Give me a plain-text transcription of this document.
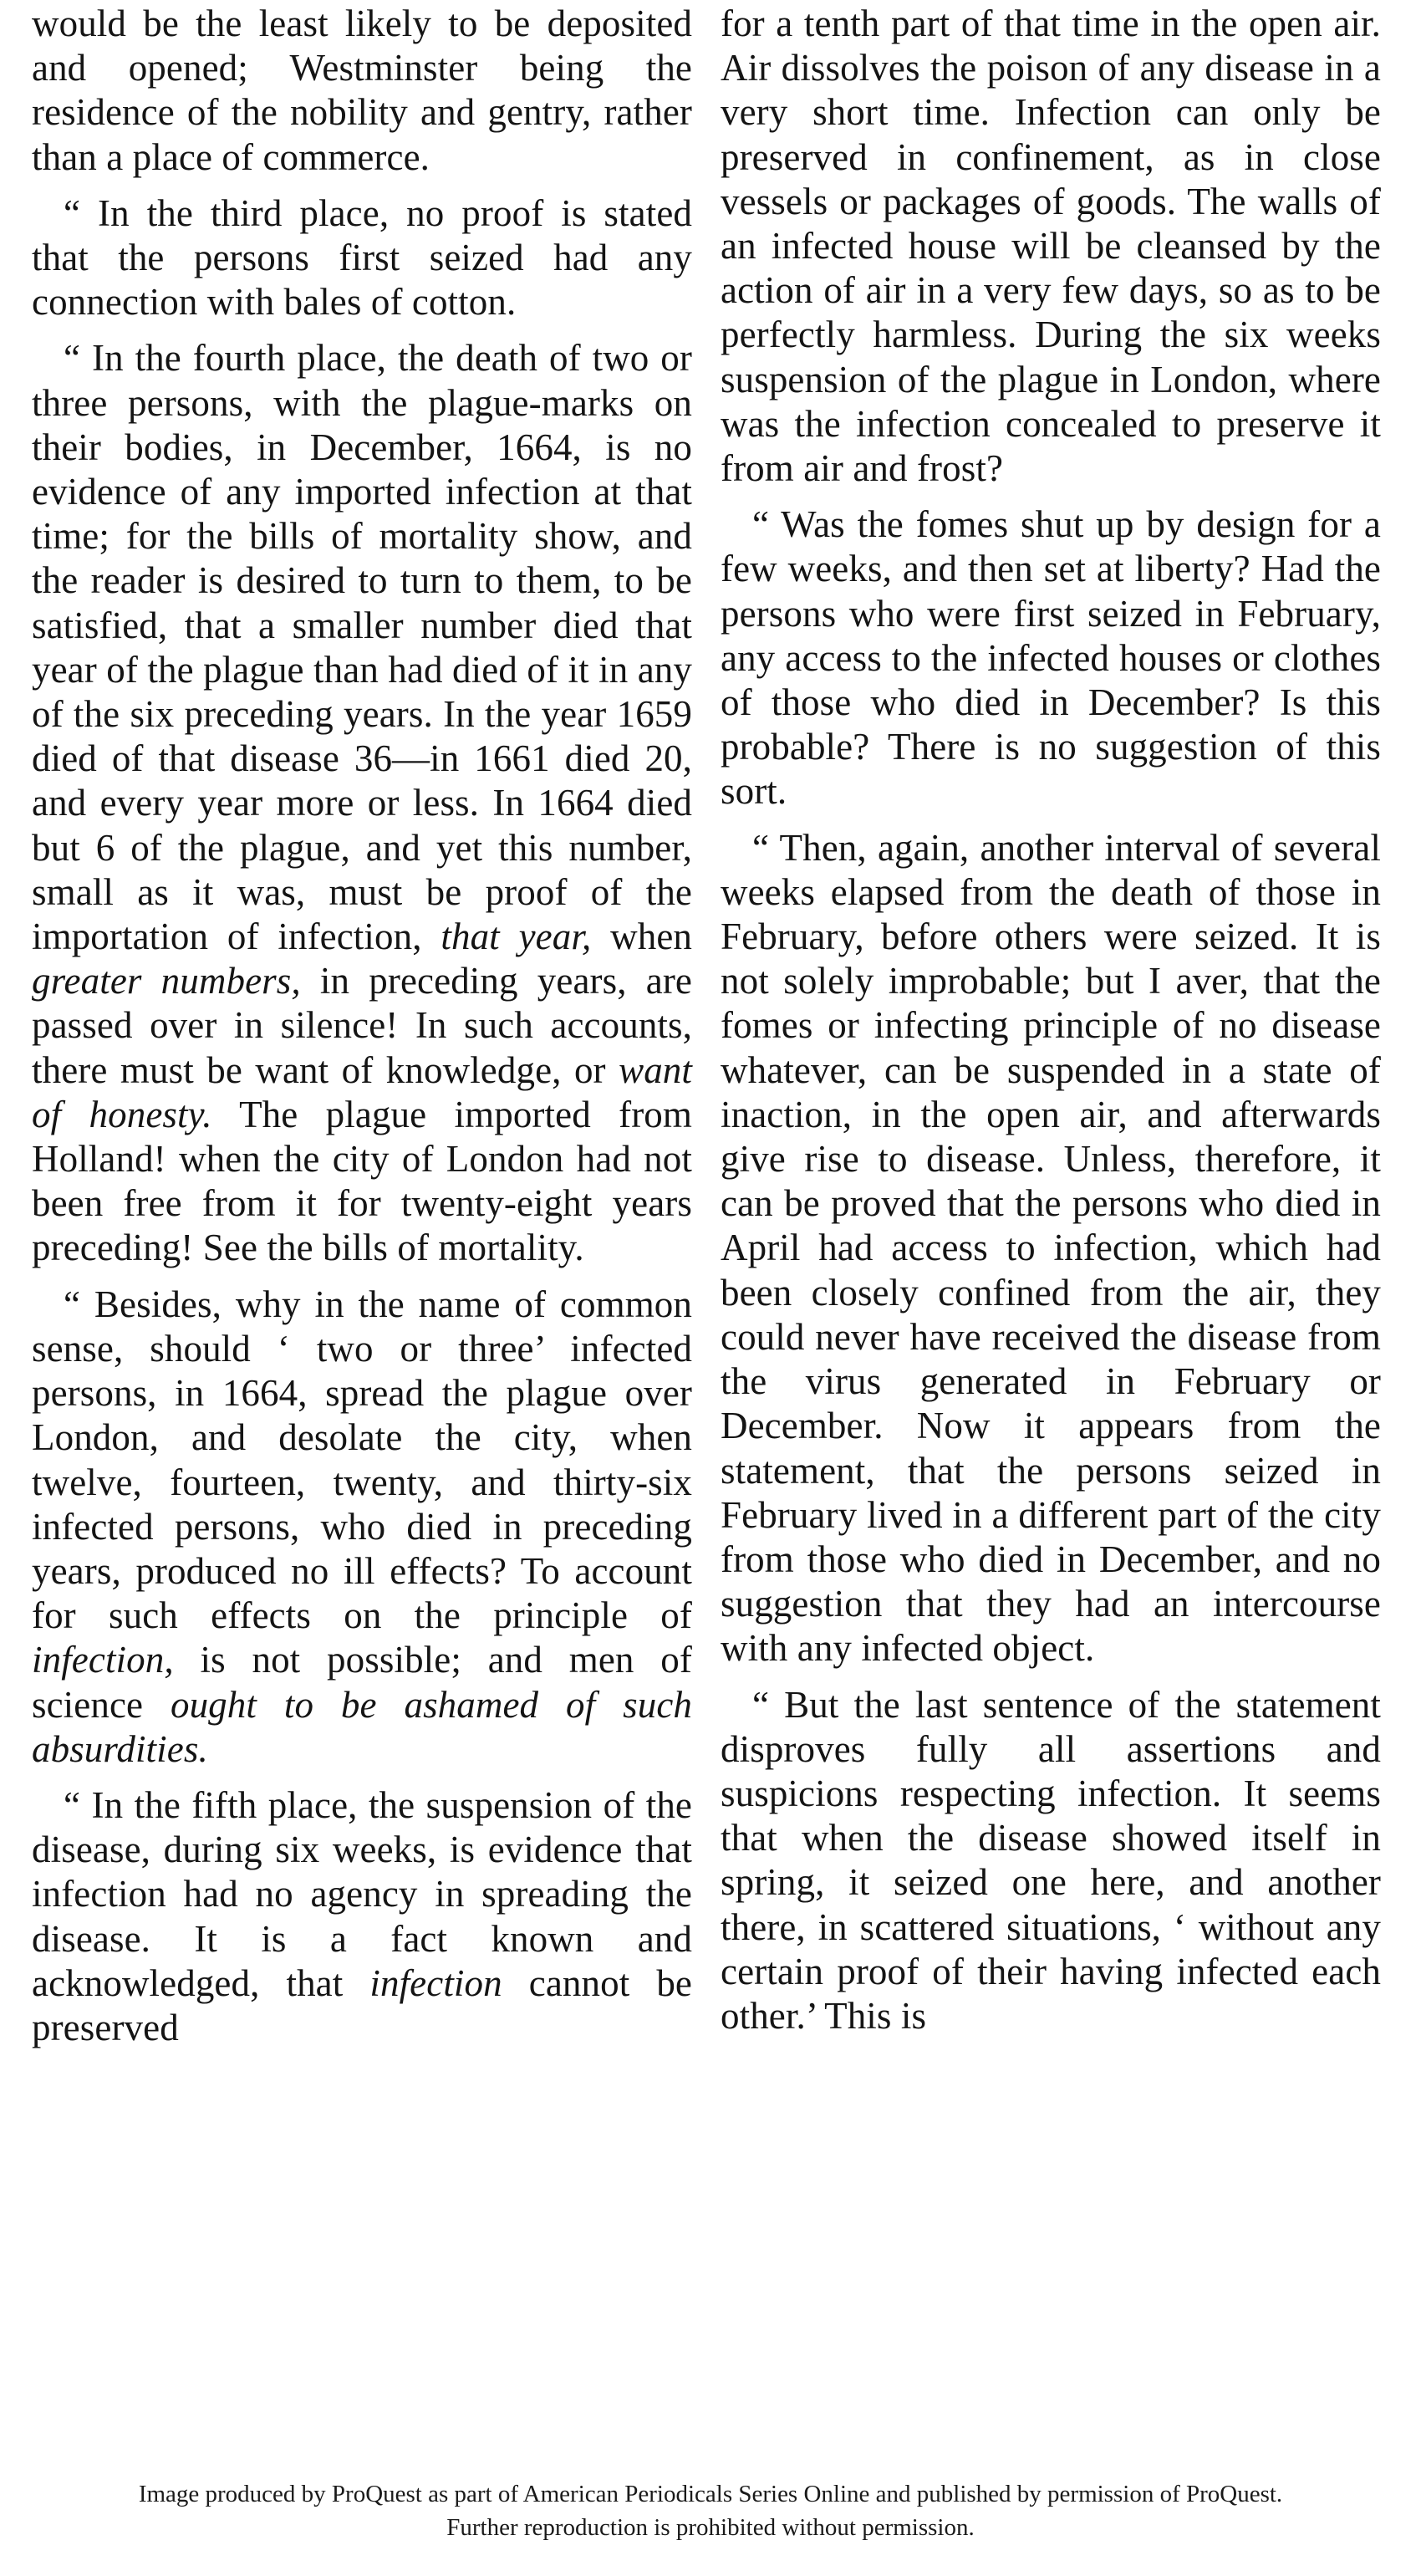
would be the least likely to be deposited and opened; Westminster being the residence of the nobility and gentry, rather than a place of commerce.

“ In the third place, no proof is stated that the persons first seized had any connection with bales of cotton.

“ In the fourth place, the death of two or three persons, with the plague-marks on their bodies, in December, 1664, is no evidence of any imported infection at that time; for the bills of mortality show, and the reader is desired to turn to them, to be satisfied, that a smaller number died that year of the plague than had died of it in any of the six preceding years. In the year 1659 died of that disease 36—in 1661 died 20, and every year more or less. In 1664 died but 6 of the plague, and yet this number, small as it was, must be proof of the importation of infection, that year, when greater numbers, in preceding years, are passed over in silence! In such accounts, there must be want of knowledge, or want of honesty. The plague imported from Holland! when the city of London had not been free from it for twenty-eight years preceding! See the bills of mortality.

“ Besides, why in the name of common sense, should ‘ two or three’ infected persons, in 1664, spread the plague over London, and desolate the city, when twelve, fourteen, twenty, and thirty-six infected persons, who died in preceding years, produced no ill effects? To account for such effects on the principle of infection, is not possible; and men of science ought to be ashamed of such absurdities.

“ In the fifth place, the suspension of the disease, during six weeks, is evidence that infection had no agency in spreading the disease. It is a fact known and acknowledged, that infection cannot be preserved

for a tenth part of that time in the open air. Air dissolves the poison of any disease in a very short time. Infection can only be preserved in confinement, as in close vessels or packages of goods. The walls of an infected house will be cleansed by the action of air in a very few days, so as to be perfectly harmless. During the six weeks suspension of the plague in London, where was the infection concealed to preserve it from air and frost?

“ Was the fomes shut up by design for a few weeks, and then set at liberty? Had the persons who were first seized in February, any access to the infected houses or clothes of those who died in December? Is this probable? There is no suggestion of this sort.

“ Then, again, another interval of several weeks elapsed from the death of those in February, before others were seized. It is not solely improbable; but I aver, that the fomes or infecting principle of no disease whatever, can be suspended in a state of inaction, in the open air, and afterwards give rise to disease. Unless, therefore, it can be proved that the persons who died in April had access to infection, which had been closely confined from the air, they could never have received the disease from the virus generated in February or December. Now it appears from the statement, that the persons seized in February lived in a different part of the city from those who died in December, and no suggestion that they had an intercourse with any infected object.

“ But the last sentence of the statement disproves fully all assertions and suspicions respecting infection. It seems that when the disease showed itself in spring, it seized one here, and another there, in scattered situations, ‘ without any certain proof of their having infected each other.’ This is

Image produced by ProQuest as part of American Periodicals Series Online and published by permission of ProQuest.
Further reproduction is prohibited without permission.
